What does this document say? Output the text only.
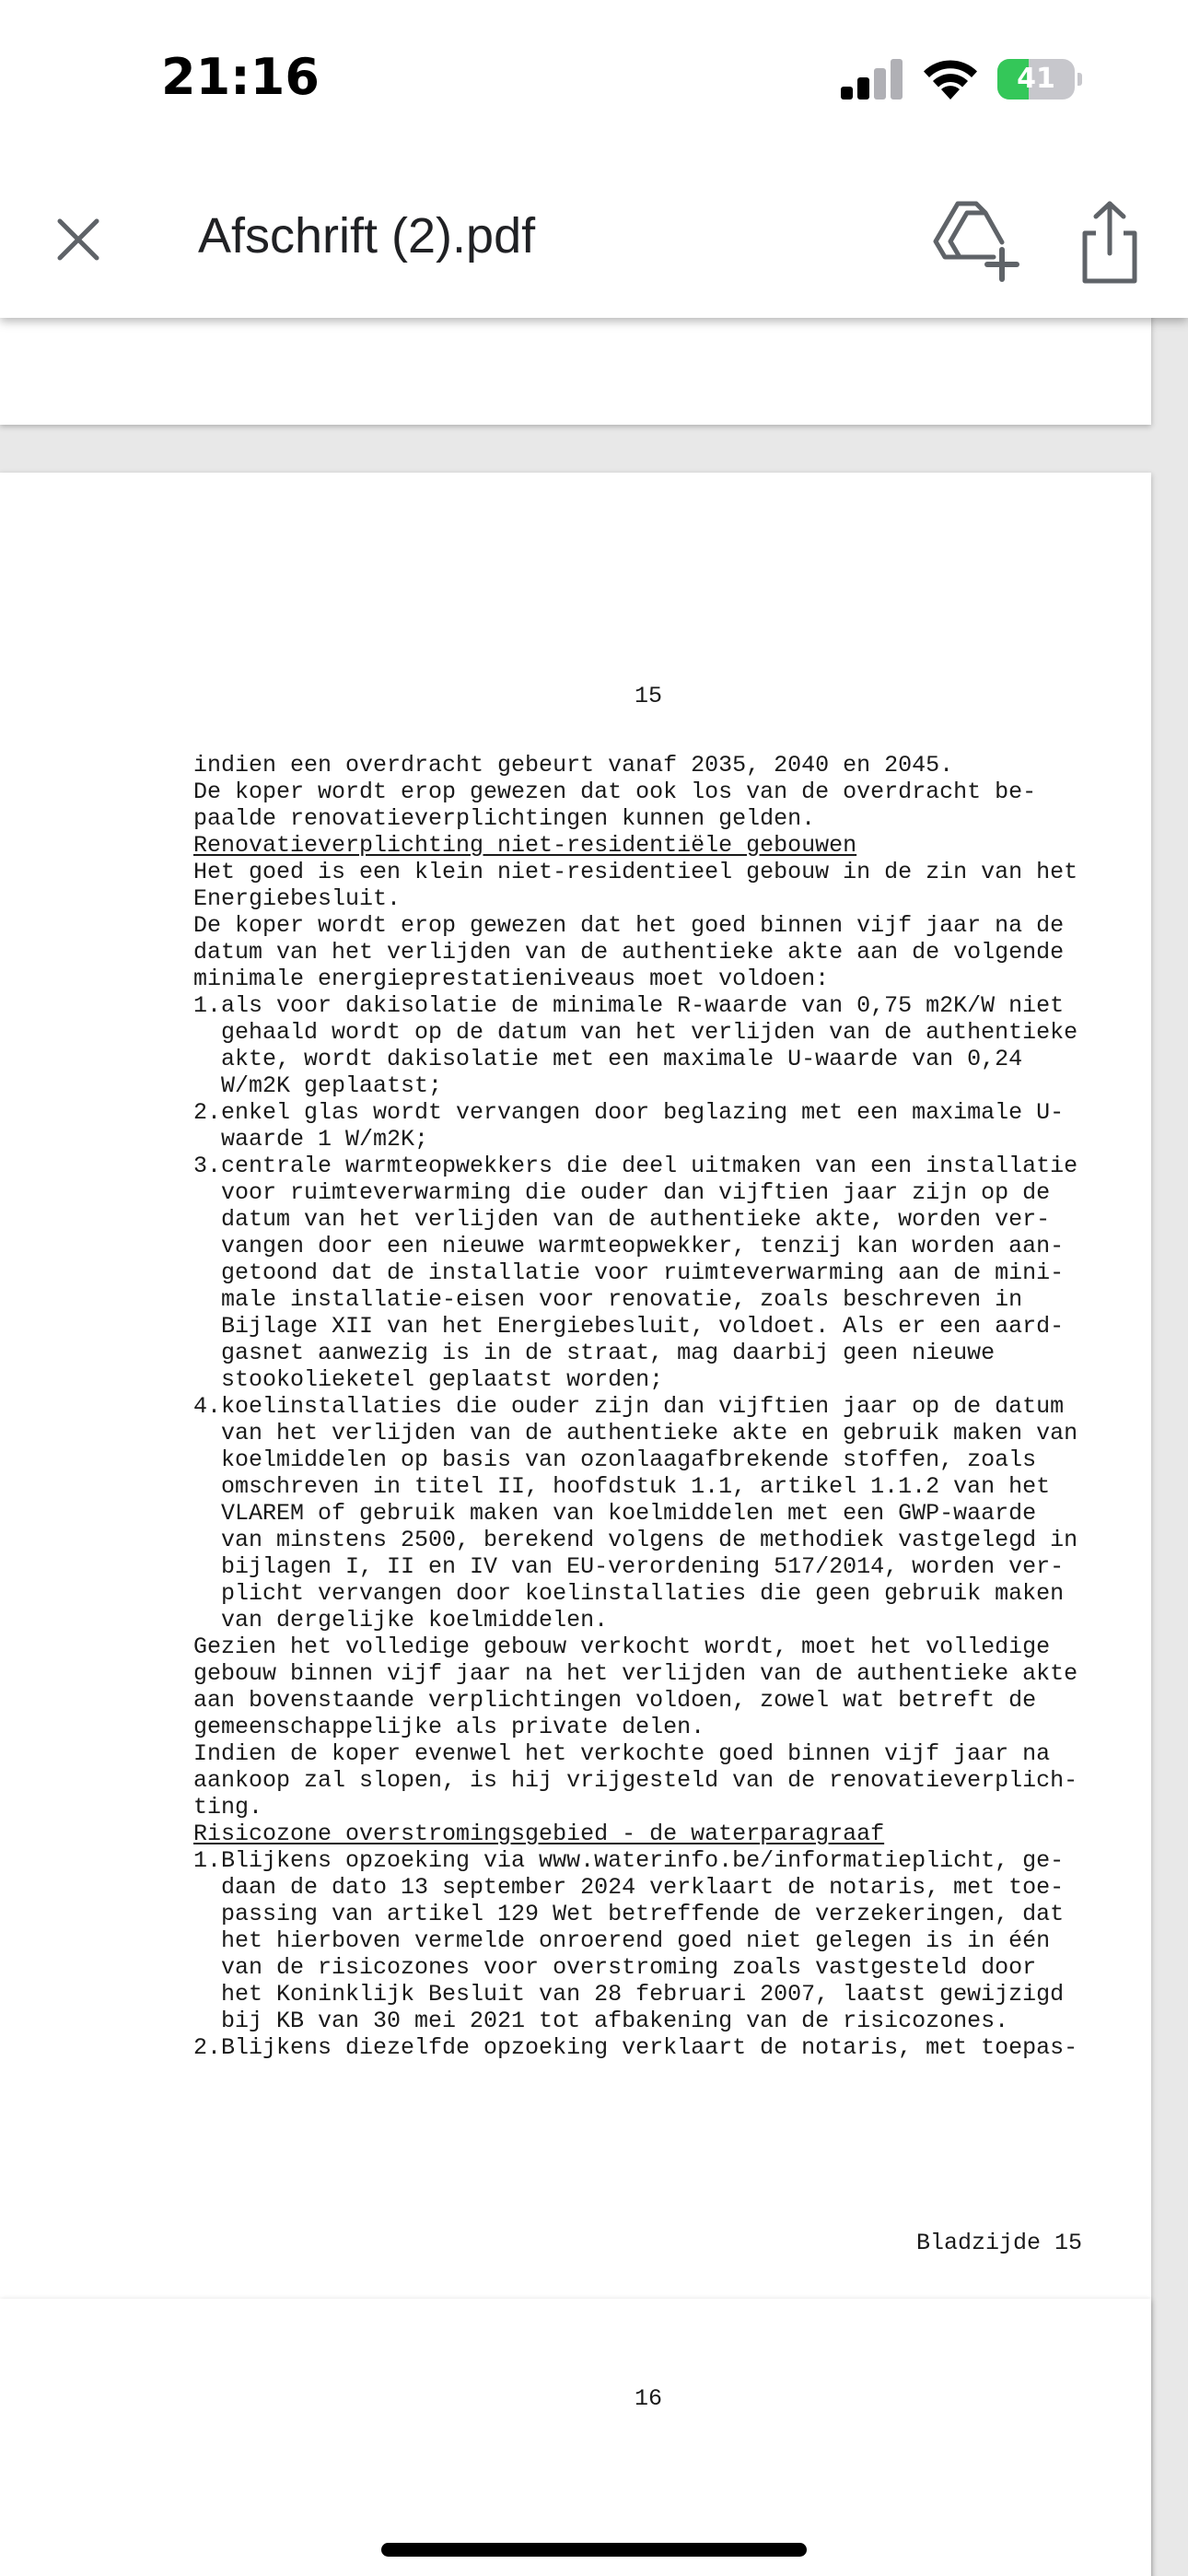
21:16	41
Afschrift (2).pdf
15
indien een overdracht gebeurt vanaf 2035, 2040 en 2045.
De koper wordt erop gewezen dat ook los van de overdracht be-
paalde renovatieverplichtingen kunnen gelden.
Renovatieverplichting niet-residentiële gebouwen
Het goed is een klein niet-residentieel gebouw in de zin van het
Energiebesluit.
De koper wordt erop gewezen dat het goed binnen vijf jaar na de
datum van het verlijden van de authentieke akte aan de volgende
minimale energieprestatieniveaus moet voldoen:
1.als voor dakisolatie de minimale R-waarde van 0,75 m2K/W niet
gehaald wordt op de datum van het verlijden van de authentieke
akte, wordt dakisolatie met een maximale U-waarde van 0,24
W/m2K geplaatst;
2.enkel glas wordt vervangen door beglazing met een maximale U-
waarde 1 W/m2K;
3.centrale warmteopwekkers die deel uitmaken van een installatie
voor ruimteverwarming die ouder dan vijftien jaar zijn op de
datum van het verlijden van de authentieke akte, worden ver-
vangen door een nieuwe warmteopwekker, tenzij kan worden aan-
getoond dat de installatie voor ruimteverwarming aan de mini-
male installatie-eisen voor renovatie, zoals beschreven in
Bijlage XII van het Energiebesluit, voldoet. Als er een aard-
gasnet aanwezig is in de straat, mag daarbij geen nieuwe
stookolieketel geplaatst worden;
4.koelinstallaties die ouder zijn dan vijftien jaar op de datum
van het verlijden van de authentieke akte en gebruik maken van
koelmiddelen op basis van ozonlaagafbrekende stoffen, zoals
omschreven in titel II, hoofdstuk 1.1, artikel 1.1.2 van het
VLAREM of gebruik maken van koelmiddelen met een GWP-waarde
van minstens 2500, berekend volgens de methodiek vastgelegd in
bijlagen I, II en IV van EU-verordening 517/2014, worden ver-
plicht vervangen door koelinstallaties die geen gebruik maken
van dergelijke koelmiddelen.
Gezien het volledige gebouw verkocht wordt, moet het volledige
gebouw binnen vijf jaar na het verlijden van de authentieke akte
aan bovenstaande verplichtingen voldoen, zowel wat betreft de
gemeenschappelijke als private delen.
Indien de koper evenwel het verkochte goed binnen vijf jaar na
aankoop zal slopen, is hij vrijgesteld van de renovatieverplich-
ting.
Risicozone overstromingsgebied - de waterparagraaf
1.Blijkens opzoeking via www.waterinfo.be/informatieplicht, ge-
daan de dato 13 september 2024 verklaart de notaris, met toe-
passing van artikel 129 Wet betreffende de verzekeringen, dat
het hierboven vermelde onroerend goed niet gelegen is in één
van de risicozones voor overstroming zoals vastgesteld door
het Koninklijk Besluit van 28 februari 2007, laatst gewijzigd
bij KB van 30 mei 2021 tot afbakening van de risicozones.
2.Blijkens diezelfde opzoeking verklaart de notaris, met toepas-
Bladzijde 15
16
